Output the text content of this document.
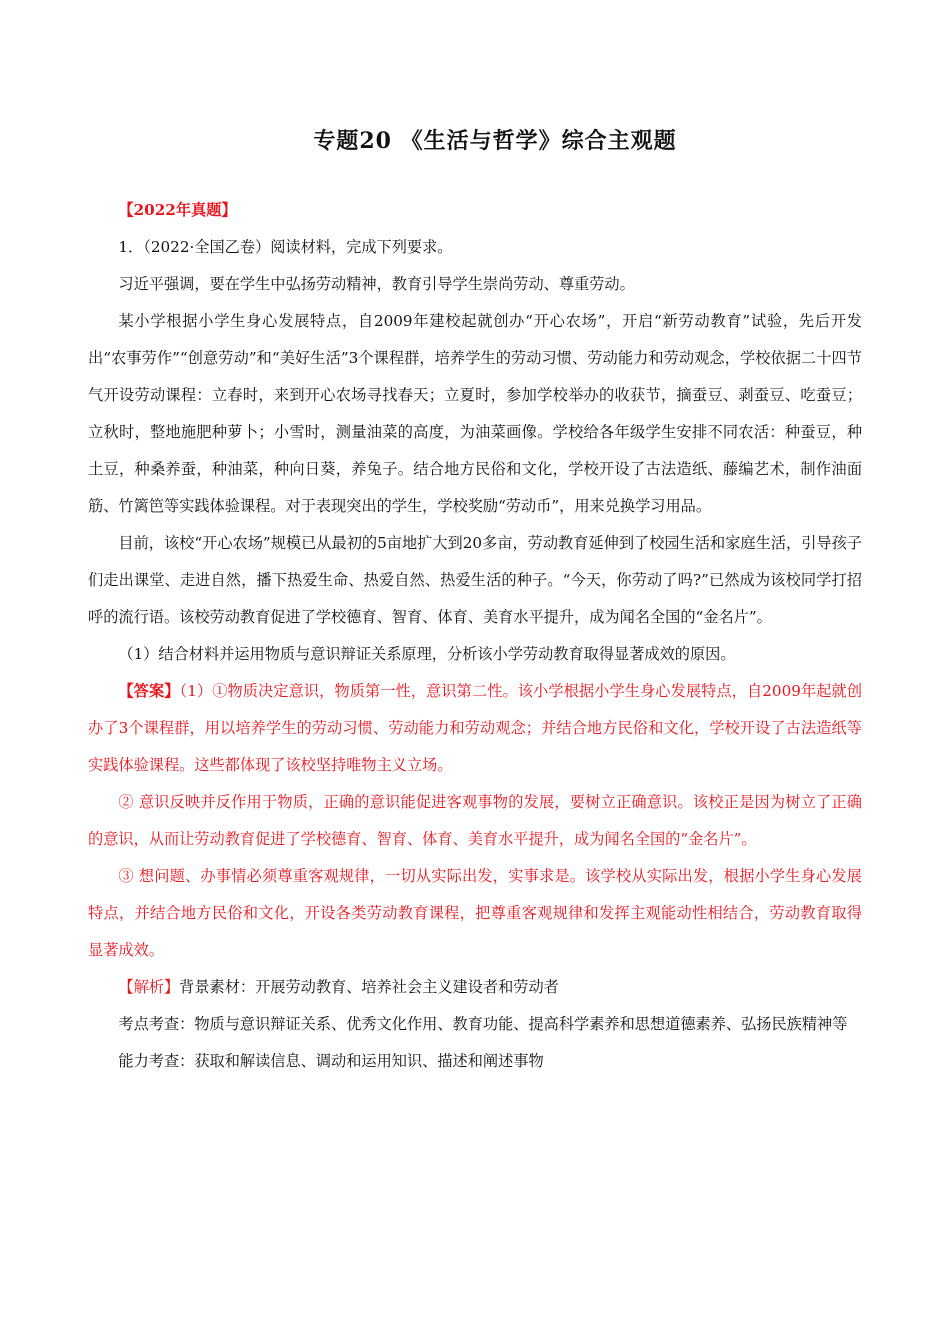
专题20 《生活与哲学》综合主观题

【2022年真题】

1．（2022·全国乙卷）阅读材料，完成下列要求。

习近平强调，要在学生中弘扬劳动精神，教育引导学生崇尚劳动、尊重劳动。

某小学根据小学生身心发展特点，自2009年建校起就创办“开心农场”，开启“新劳动教育”试验，先后开发出“农事劳作”“创意劳动”和“美好生活”3个课程群，培养学生的劳动习惯、劳动能力和劳动观念，学校依据二十四节气开设劳动课程：立春时，来到开心农场寻找春天；立夏时，参加学校举办的收获节，摘蚕豆、剥蚕豆、吃蚕豆；立秋时，整地施肥种萝卜；小雪时，测量油菜的高度，为油菜画像。学校给各年级学生安排不同农活：种蚕豆，种土豆，种桑养蚕，种油菜，种向日葵，养兔子。结合地方民俗和文化，学校开设了古法造纸、藤编艺术，制作油面筋、竹篱笆等实践体验课程。对于表现突出的学生，学校奖励“劳动币”，用来兑换学习用品。

目前，该校“开心农场”规模已从最初的5亩地扩大到20多亩，劳动教育延伸到了校园生活和家庭生活，引导孩子们走出课堂、走进自然，播下热爱生命、热爱自然、热爱生活的种子。“今天，你劳动了吗?”已然成为该校同学打招呼的流行语。该校劳动教育促进了学校德育、智育、体育、美育水平提升，成为闻名全国的“金名片”。

（1）结合材料并运用物质与意识辩证关系原理，分析该小学劳动教育取得显著成效的原因。

【答案】（1）①物质决定意识，物质第一性，意识第二性。该小学根据小学生身心发展特点，自2009年起就创办了3个课程群，用以培养学生的劳动习惯、劳动能力和劳动观念；并结合地方民俗和文化，学校开设了古法造纸等实践体验课程。这些都体现了该校坚持唯物主义立场。

② 意识反映并反作用于物质，正确的意识能促进客观事物的发展，要树立正确意识。该校正是因为树立了正确的意识，从而让劳动教育促进了学校德育、智育、体育、美育水平提升，成为闻名全国的“金名片”。

③ 想问题、办事情必须尊重客观规律，一切从实际出发，实事求是。该学校从实际出发，根据小学生身心发展特点，并结合地方民俗和文化，开设各类劳动教育课程，把尊重客观规律和发挥主观能动性相结合，劳动教育取得显著成效。

【解析】背景素材：开展劳动教育、培养社会主义建设者和劳动者

考点考查：物质与意识辩证关系、优秀文化作用、教育功能、提高科学素养和思想道德素养、弘扬民族精神等

能力考查：获取和解读信息、调动和运用知识、描述和阐述事物
